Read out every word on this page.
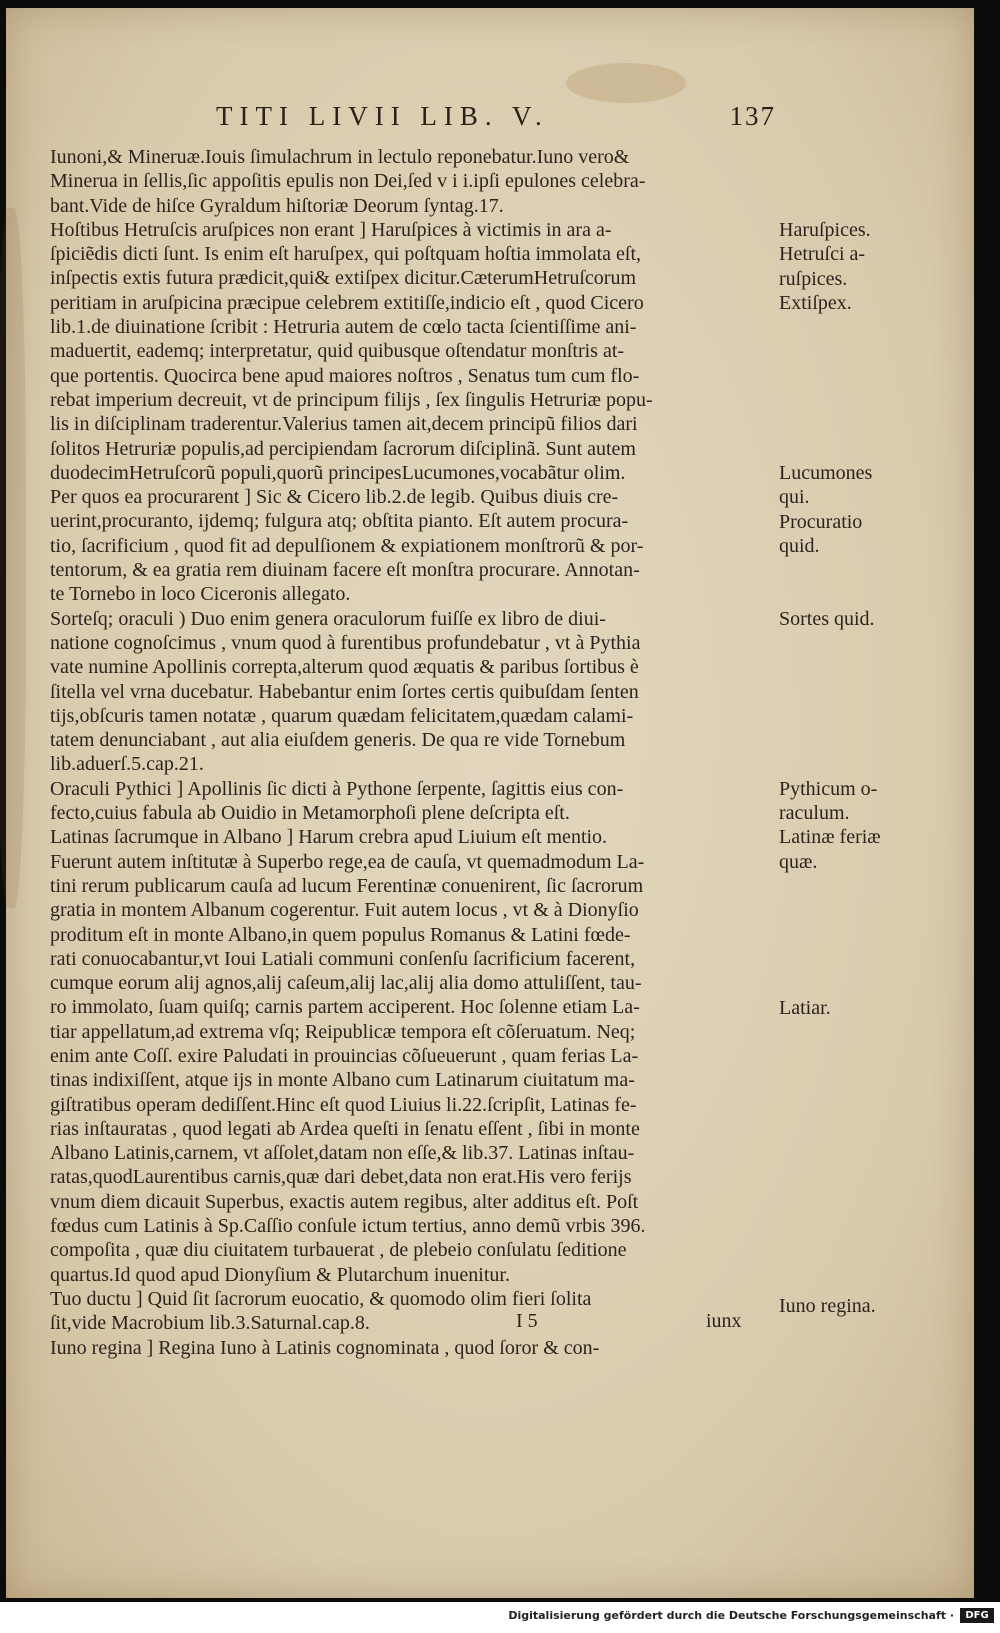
TITI LIVII LIB. V.	137
Iunoni,& Mineruæ.Iouis ſimulachrum in lectulo reponebatur.Iuno vero&
Minerua in ſellis,ſic appoſitis epulis non Dei,ſed v i i.ipſi epulones celebra-
bant.Vide de hiſce Gyraldum hiſtoriæ Deorum ſyntag.17.
Hoſtibus Hetruſcis aruſpices non erant ] Haruſpices à victimis in ara a-
ſpiciẽdis dicti ſunt. Is enim eſt haruſpex, qui poſtquam hoſtia immolata eſt,
inſpectis extis futura prædicit,qui& extiſpex dicitur.CæterumHetruſcorum
peritiam in aruſpicina præcipue celebrem extitiſſe,indicio eſt , quod Cicero
lib.1.de diuinatione ſcribit : Hetruria autem de cœlo tacta ſcientiſſime ani-
maduertit, eademq; interpretatur, quid quibusque oſtendatur monſtris at-
que portentis. Quocirca bene apud maiores noſtros , Senatus tum cum flo-
rebat imperium decreuit, vt de principum filijs , ſex ſingulis Hetruriæ popu-
lis in diſciplinam traderentur.Valerius tamen ait,decem principũ filios dari
ſolitos Hetruriæ populis,ad percipiendam ſacrorum diſciplinã. Sunt autem
duodecimHetruſcorũ populi,quorũ principesLucumones,vocabãtur olim.
Per quos ea procurarent ] Sic & Cicero lib.2.de legib. Quibus diuis cre-
uerint,procuranto, ijdemq; fulgura atq; obſtita pianto. Eſt autem procura-
tio, ſacrificium , quod fit ad depulſionem & expiationem monſtrorũ & por-
tentorum, & ea gratia rem diuinam facere eſt monſtra procurare. Annotan-
te Tornebo in loco Ciceronis allegato.
Sorteſq; oraculi ) Duo enim genera oraculorum fuiſſe ex libro de diui-
natione cognoſcimus , vnum quod à furentibus profundebatur , vt à Pythia
vate numine Apollinis correpta,alterum quod æquatis & paribus ſortibus è
ſitella vel vrna ducebatur. Habebantur enim ſortes certis quibuſdam ſenten
tijs,obſcuris tamen notatæ , quarum quædam felicitatem,quædam calami-
tatem denunciabant , aut alia eiuſdem generis. De qua re vide Tornebum
lib.aduerſ.5.cap.21.
Oraculi Pythici ] Apollinis ſic dicti à Pythone ſerpente, ſagittis eius con-
fecto,cuius fabula ab Ouidio in Metamorphoſi plene deſcripta eſt.
Latinas ſacrumque in Albano ] Harum crebra apud Liuium eſt mentio.
Fuerunt autem inſtitutæ à Superbo rege,ea de cauſa, vt quemadmodum La-
tini rerum publicarum cauſa ad lucum Ferentinæ conuenirent, ſic ſacrorum
gratia in montem Albanum cogerentur. Fuit autem locus , vt & à Dionyſio
proditum eſt in monte Albano,in quem populus Romanus & Latini fœde-
rati conuocabantur,vt Ioui Latiali communi conſenſu ſacrificium facerent,
cumque eorum alij agnos,alij caſeum,alij lac,alij alia domo attuliſſent, tau-
ro immolato, ſuam quiſq; carnis partem acciperent. Hoc ſolenne etiam La-
tiar appellatum,ad extrema vſq; Reipublicæ tempora eſt cõſeruatum. Neq;
enim ante Coſſ. exire Paludati in prouincias cõſueuerunt , quam ferias La-
tinas indixiſſent, atque ijs in monte Albano cum Latinarum ciuitatum ma-
giſtratibus operam dediſſent.Hinc eſt quod Liuius li.22.ſcripſit, Latinas fe-
rias inſtauratas , quod legati ab Ardea queſti in ſenatu eſſent , ſibi in monte
Albano Latinis,carnem, vt aſſolet,datam non eſſe,& lib.37. Latinas inſtau-
ratas,quodLaurentibus carnis,quæ dari debet,data non erat.His vero ferijs
vnum diem dicauit Superbus, exactis autem regibus, alter additus eſt. Poſt
fœdus cum Latinis à Sp.Caſſio conſule ictum tertius, anno demũ vrbis 396.
compoſita , quæ diu ciuitatem turbauerat , de plebeio conſulatu ſeditione
quartus.Id quod apud Dionyſium & Plutarchum inuenitur.
Tuo ductu ] Quid ſit ſacrorum euocatio, & quomodo olim fieri ſolita
ſit,vide Macrobium lib.3.Saturnal.cap.8.
Iuno regina ] Regina Iuno à Latinis cognominata , quod ſoror & con-
Haruſpices.
Hetruſci a-
ruſpices.
Extiſpex.
Lucumones
qui.
Procuratio
quid.
Sortes quid.
Pythicum o-
raculum.
Latinæ feriæ
quæ.
Latiar.
Iuno regina.
I 5	iunx
Digitalisierung gefördert durch die Deutsche Forschungsgemeinschaft ·	DFG
